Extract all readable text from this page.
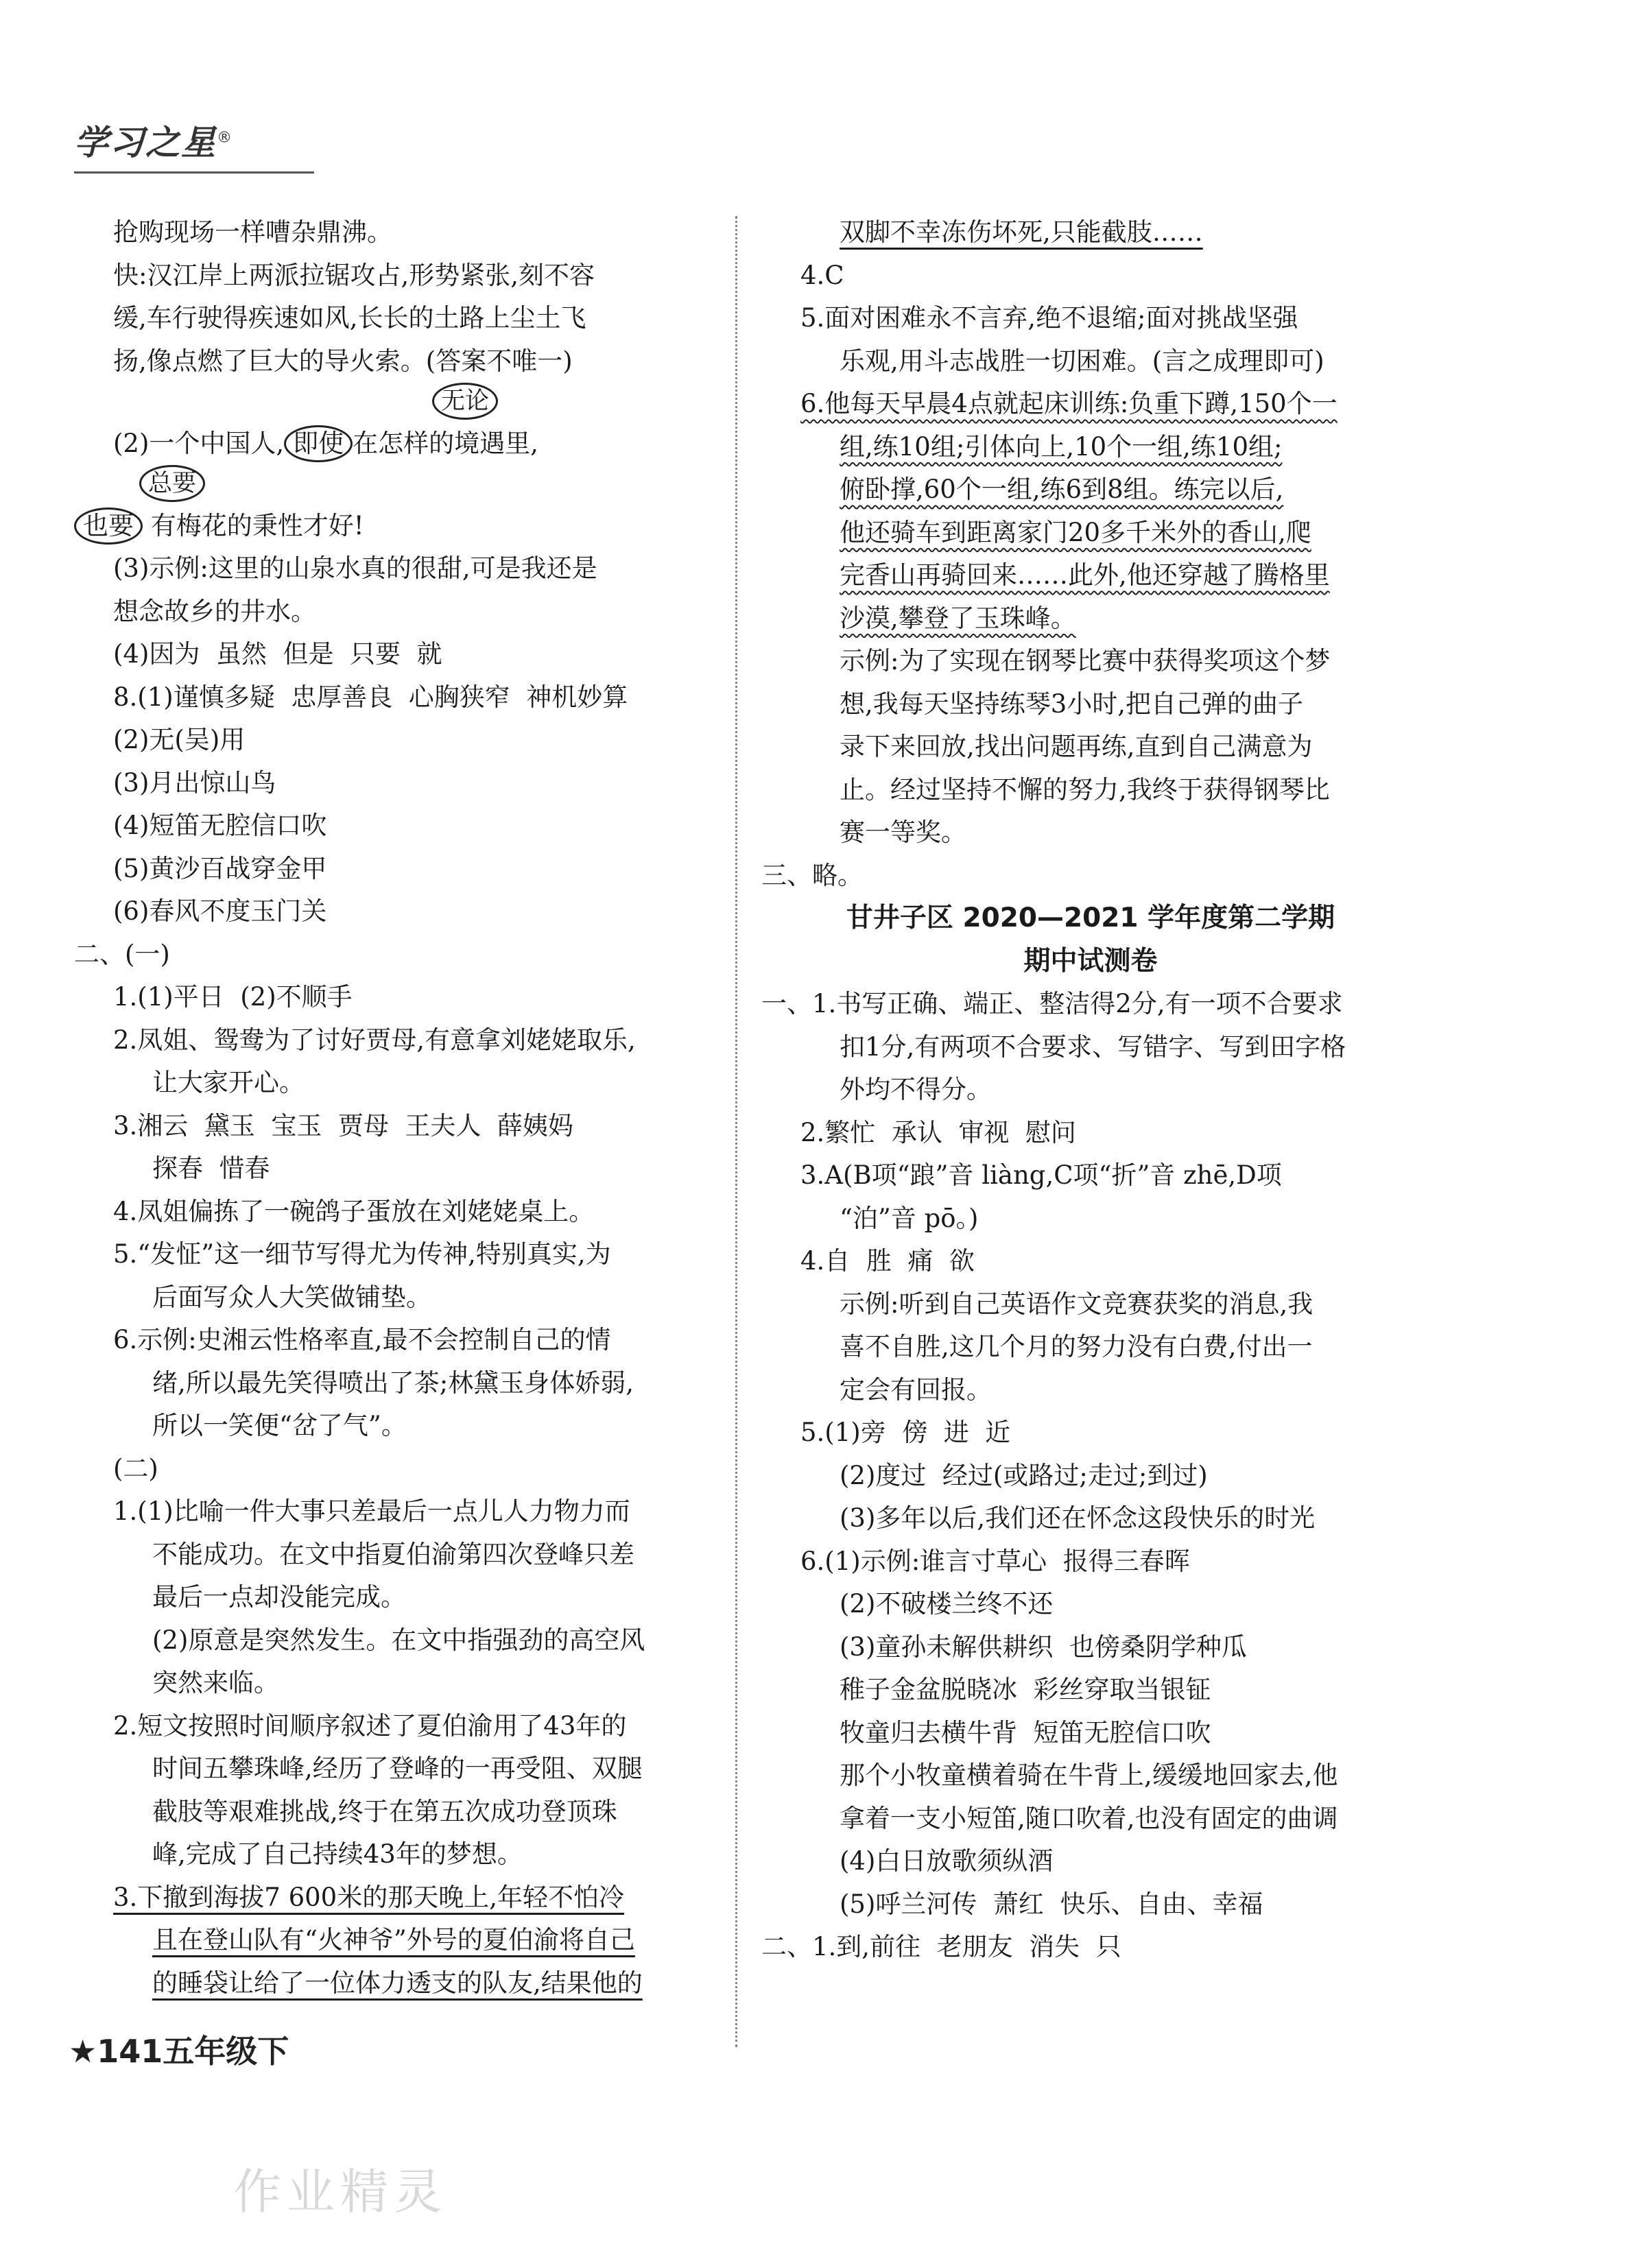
学习之星®
抢购现场一样嘈杂鼎沸。
快:汉江岸上两派拉锯攻占,形势紧张,刻不容
缓,车行驶得疾速如风,长长的土路上尘土飞
扬,像点燃了巨大的导火索。(答案不唯一)
(2)一个中国人, 即使 在怎样的境遇里,
无论
也要 有梅花的秉性才好!
总要
(3)示例:这里的山泉水真的很甜,可是我还是
想念故乡的井水。
(4)因为  虽然  但是  只要  就
8.(1)谨慎多疑  忠厚善良  心胸狭窄  神机妙算
(2)无(吴)用
(3)月出惊山鸟
(4)短笛无腔信口吹
(5)黄沙百战穿金甲
(6)春风不度玉门关
二、(一)
1.(1)平日  (2)不顺手
2.凤姐、鸳鸯为了讨好贾母,有意拿刘姥姥取乐,
让大家开心。
3.湘云  黛玉  宝玉  贾母  王夫人  薛姨妈
探春  惜春
4.凤姐偏拣了一碗鸽子蛋放在刘姥姥桌上。
5.“发怔”这一细节写得尤为传神,特别真实,为
后面写众人大笑做铺垫。
6.示例:史湘云性格率直,最不会控制自己的情
绪,所以最先笑得喷出了茶;林黛玉身体娇弱,
所以一笑便“岔了气”。
(二)
1.(1)比喻一件大事只差最后一点儿人力物力而
不能成功。在文中指夏伯渝第四次登峰只差
最后一点却没能完成。
(2)原意是突然发生。在文中指强劲的高空风
突然来临。
2.短文按照时间顺序叙述了夏伯渝用了43年的
时间五攀珠峰,经历了登峰的一再受阻、双腿
截肢等艰难挑战,终于在第五次成功登顶珠
峰,完成了自己持续43年的梦想。
3.下撤到海拔7 600米的那天晚上,年轻不怕冷
且在登山队有“火神爷”外号的夏伯渝将自己
的睡袋让给了一位体力透支的队友,结果他的
双脚不幸冻伤坏死,只能截肢……
4.C
5.面对困难永不言弃,绝不退缩;面对挑战坚强
乐观,用斗志战胜一切困难。(言之成理即可)
6.他每天早晨4点就起床训练:负重下蹲,150个一
组,练10组;引体向上,10个一组,练10组;
俯卧撑,60个一组,练6到8组。练完以后,
他还骑车到距离家门20多千米外的香山,爬
完香山再骑回来……此外,他还穿越了腾格里
沙漠,攀登了玉珠峰。
示例:为了实现在钢琴比赛中获得奖项这个梦
想,我每天坚持练琴3小时,把自己弹的曲子
录下来回放,找出问题再练,直到自己满意为
止。经过坚持不懈的努力,我终于获得钢琴比
赛一等奖。
三、略。
甘井子区 2020—2021 学年度第二学期
期中试测卷
一、1.书写正确、端正、整洁得2分,有一项不合要求
扣1分,有两项不合要求、写错字、写到田字格
外均不得分。
2.繁忙  承认  审视  慰问
3.A(B项“踉”音 liàng,C项“折”音 zhē,D项
“泊”音 pō。)
4.自  胜  痛  欲
示例:听到自己英语作文竞赛获奖的消息,我
喜不自胜,这几个月的努力没有白费,付出一
定会有回报。
5.(1)旁  傍  进  近
(2)度过  经过(或路过;走过;到过)
(3)多年以后,我们还在怀念这段快乐的时光
6.(1)示例:谁言寸草心  报得三春晖
(2)不破楼兰终不还
(3)童孙未解供耕织  也傍桑阴学种瓜
稚子金盆脱晓冰  彩丝穿取当银钲
牧童归去横牛背  短笛无腔信口吹
那个小牧童横着骑在牛背上,缓缓地回家去,他
拿着一支小短笛,随口吹着,也没有固定的曲调
(4)白日放歌须纵酒
(5)呼兰河传  萧红  快乐、自由、幸福
二、1.到,前往  老朋友  消失  只
★141五年级下
作业精灵
